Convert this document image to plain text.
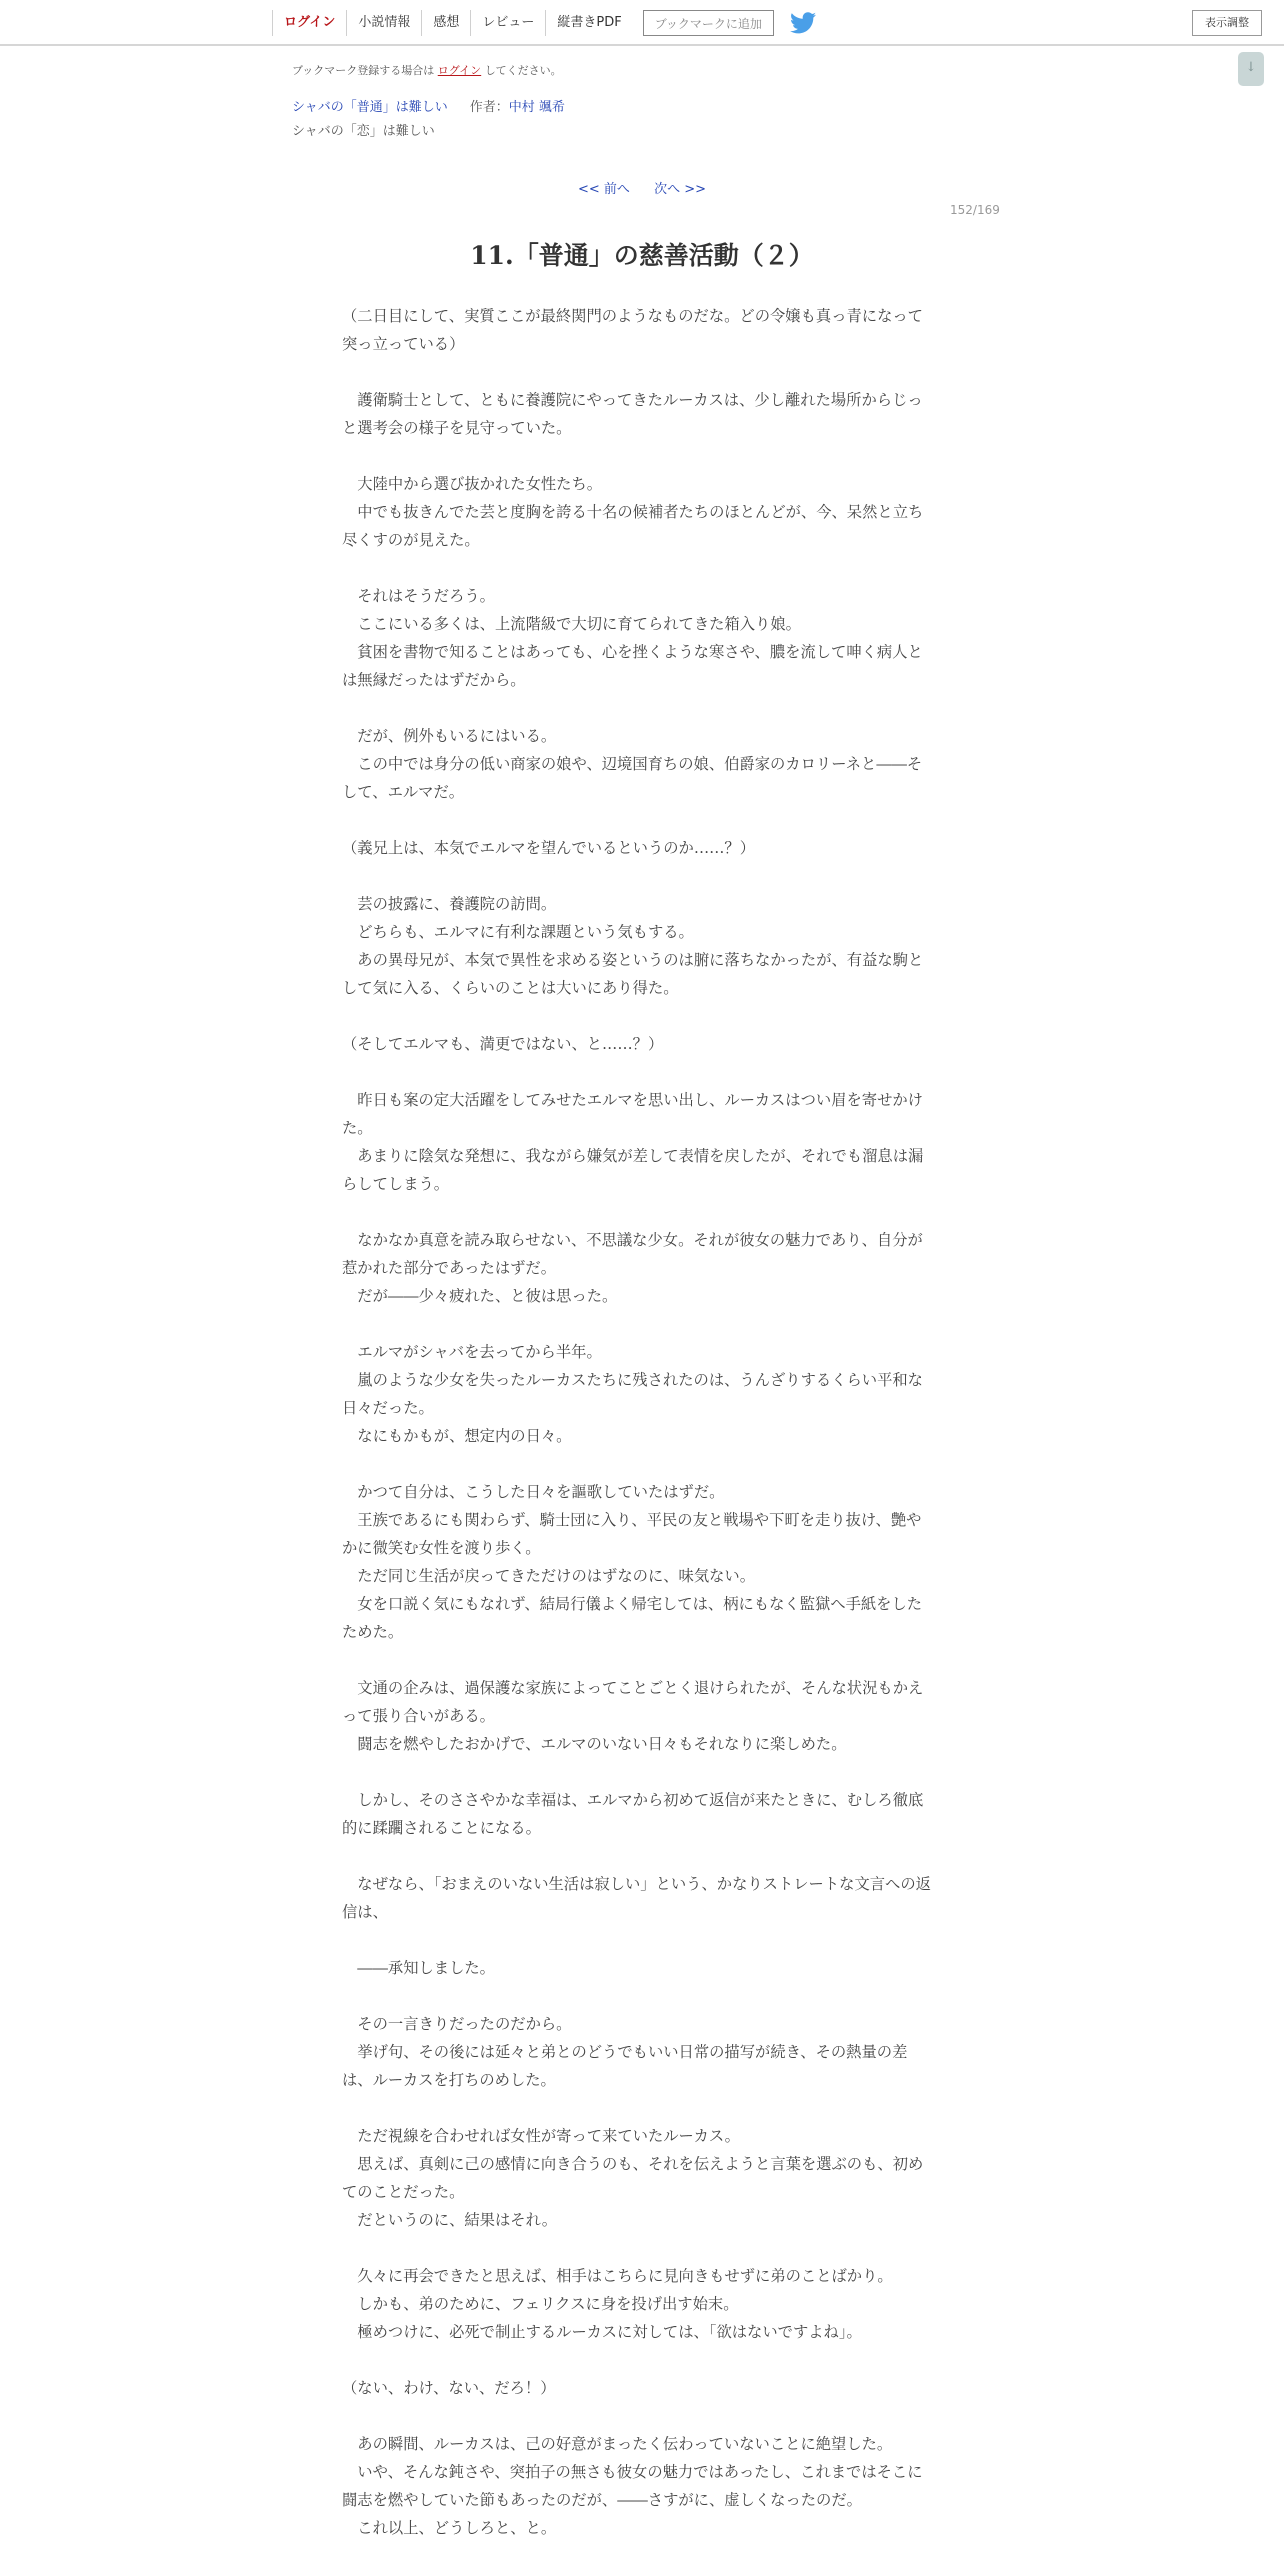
ログイン	小説情報	感想	レビュー	縦書きPDF	ブックマークに追加	表示調整
↓
ブックマーク登録する場合は ログイン してください。
シャバの「普通」は難しい 作者：中村 颯希
シャバの「恋」は難しい
<< 前へ 次へ >>
152/169
11.「普通」の慈善活動（２）

（二日目にして、実質ここが最終関門のようなものだな。どの令嬢も真っ青になって突っ立っている）

　護衛騎士として、ともに養護院にやってきたルーカスは、少し離れた場所からじっと選考会の様子を見守っていた。

　大陸中から選び抜かれた女性たち。

　中でも抜きんでた芸と度胸を誇る十名の候補者たちのほとんどが、今、呆然と立ち尽くすのが見えた。

　それはそうだろう。

　ここにいる多くは、上流階級で大切に育てられてきた箱入り娘。

　貧困を書物で知ることはあっても、心を挫くような寒さや、膿を流して呻く病人とは無縁だったはずだから。

　だが、例外もいるにはいる。

　この中では身分の低い商家の娘や、辺境国育ちの娘、伯爵家のカロリーネと――そして、エルマだ。

（義兄上は、本気でエルマを望んでいるというのか……？）

　芸の披露に、養護院の訪問。

　どちらも、エルマに有利な課題という気もする。

　あの異母兄が、本気で異性を求める姿というのは腑に落ちなかったが、有益な駒として気に入る、くらいのことは大いにあり得た。

（そしてエルマも、満更ではない、と……？）

　昨日も案の定大活躍をしてみせたエルマを思い出し、ルーカスはつい眉を寄せかけた。

　あまりに陰気な発想に、我ながら嫌気が差して表情を戻したが、それでも溜息は漏らしてしまう。

　なかなか真意を読み取らせない、不思議な少女。それが彼女の魅力であり、自分が惹かれた部分であったはずだ。

　だが――少々疲れた、と彼は思った。

　エルマがシャバを去ってから半年。

　嵐のような少女を失ったルーカスたちに残されたのは、うんざりするくらい平和な日々だった。

　なにもかもが、想定内の日々。

　かつて自分は、こうした日々を謳歌していたはずだ。

　王族であるにも関わらず、騎士団に入り、平民の友と戦場や下町を走り抜け、艶やかに微笑む女性を渡り歩く。

　ただ同じ生活が戻ってきただけのはずなのに、味気ない。

　女を口説く気にもなれず、結局行儀よく帰宅しては、柄にもなく監獄へ手紙をしたためた。

　文通の企みは、過保護な家族によってことごとく退けられたが、そんな状況もかえって張り合いがある。

　闘志を燃やしたおかげで、エルマのいない日々もそれなりに楽しめた。

　しかし、そのささやかな幸福は、エルマから初めて返信が来たときに、むしろ徹底的に蹂躙されることになる。

　なぜなら、「おまえのいない生活は寂しい」という、かなりストレートな文言への返信は、

　――承知しました。

　その一言きりだったのだから。

　挙げ句、その後には延々と弟とのどうでもいい日常の描写が続き、その熱量の差は、ルーカスを打ちのめした。

　ただ視線を合わせれば女性が寄って来ていたルーカス。

　思えば、真剣に己の感情に向き合うのも、それを伝えようと言葉を選ぶのも、初めてのことだった。

　だというのに、結果はそれ。

　久々に再会できたと思えば、相手はこちらに見向きもせずに弟のことばかり。

　しかも、弟のために、フェリクスに身を投げ出す始末。

　極めつけに、必死で制止するルーカスに対しては、「欲はないですよね」。

（ない、わけ、ない、だろ！）

　あの瞬間、ルーカスは、己の好意がまったく伝わっていないことに絶望した。

　いや、そんな鈍さや、突拍子の無さも彼女の魅力ではあったし、これまではそこに闘志を燃やしていた節もあったのだが、――さすがに、虚しくなったのだ。

　これ以上、どうしろと、と。
